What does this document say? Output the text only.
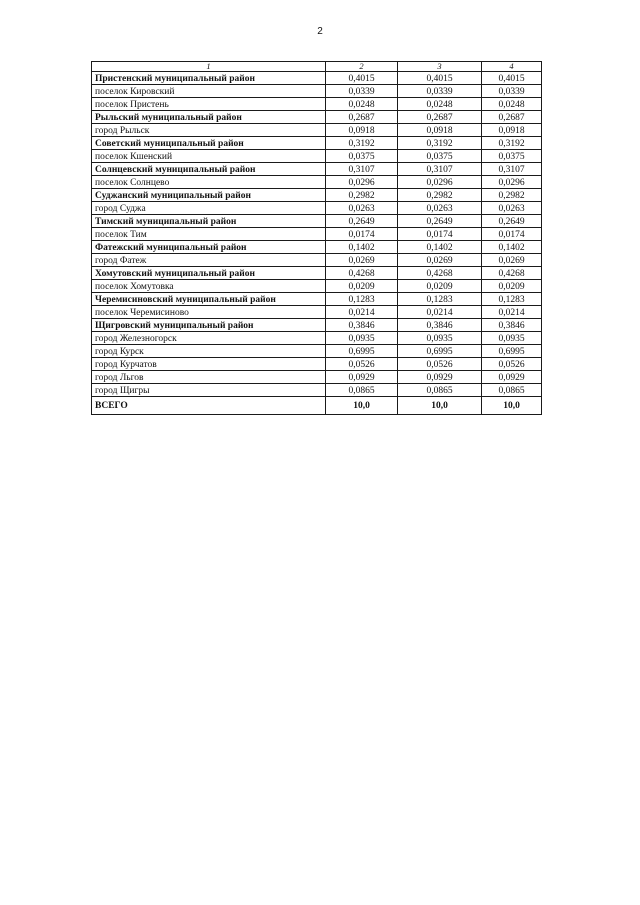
2
1	2	3	4
Пристенский муниципальный район	0,4015	0,4015	0,4015
поселок Кировский	0,0339	0,0339	0,0339
поселок Пристень	0,0248	0,0248	0,0248
Рыльский муниципальный район	0,2687	0,2687	0,2687
город Рыльск	0,0918	0,0918	0,0918
Советский муниципальный район	0,3192	0,3192	0,3192
поселок Кшенский	0,0375	0,0375	0,0375
Солнцевский муниципальный район	0,3107	0,3107	0,3107
поселок Солнцево	0,0296	0,0296	0,0296
Суджанский муниципальный район	0,2982	0,2982	0,2982
город Суджа	0,0263	0,0263	0,0263
Тимский муниципальный район	0,2649	0,2649	0,2649
поселок Тим	0,0174	0,0174	0,0174
Фатежский муниципальный район	0,1402	0,1402	0,1402
город Фатеж	0,0269	0,0269	0,0269
Хомутовский муниципальный район	0,4268	0,4268	0,4268
поселок Хомутовка	0,0209	0,0209	0,0209
Черемисиновский муниципальный район	0,1283	0,1283	0,1283
поселок Черемисиново	0,0214	0,0214	0,0214
Щигровский муниципальный район	0,3846	0,3846	0,3846
город Железногорск	0,0935	0,0935	0,0935
город Курск	0,6995	0,6995	0,6995
город Курчатов	0,0526	0,0526	0,0526
город Льгов	0,0929	0,0929	0,0929
город Щигры	0,0865	0,0865	0,0865
ВСЕГО	10,0	10,0	10,0
